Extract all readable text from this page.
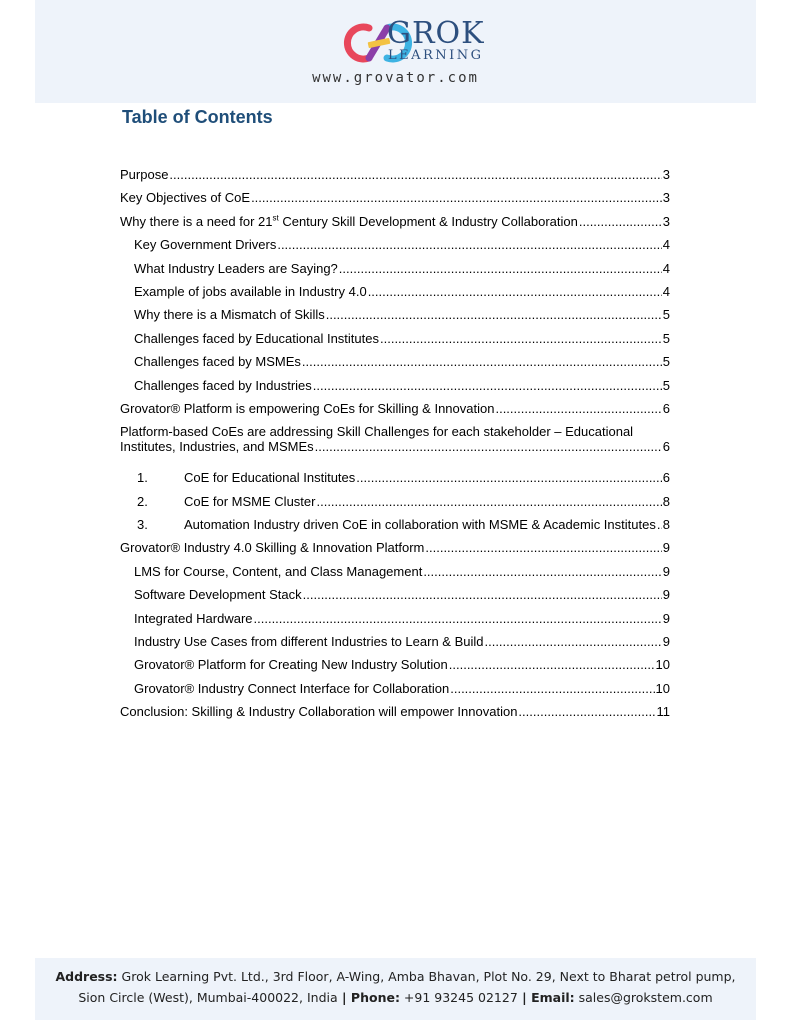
GROK
LEARNING
www.grovator.com
Table of Contents
Purpose .....	3
Key Objectives of CoE .....	3
Why there is a need for 21st Century Skill Development & Industry Collaboration .....	3
Key Government Drivers .....	4
What Industry Leaders are Saying? .....	4
Example of jobs available in Industry 4.0 .....	4
Why there is a Mismatch of Skills .....	5
Challenges faced by Educational Institutes .....	5
Challenges faced by MSMEs .....	5
Challenges faced by Industries .....	5
Grovator® Platform is empowering CoEs for Skilling & Innovation .....	6
Platform-based CoEs are addressing Skill Challenges for each stakeholder – Educational
Institutes, Industries, and MSMEs .....	6
1.	CoE for Educational Institutes .....	6
2.	CoE for MSME Cluster .....	8
3.	Automation Industry driven CoE in collaboration with MSME & Academic Institutes ..... 8
Grovator® Industry 4.0 Skilling & Innovation Platform .....	9
LMS for Course, Content, and Class Management .....	9
Software Development Stack .....	9
Integrated Hardware .....	9
Industry Use Cases from different Industries to Learn & Build .....	9
Grovator® Platform for Creating New Industry Solution .....	10
Grovator® Industry Connect Interface for Collaboration .....	10
Conclusion: Skilling & Industry Collaboration will empower Innovation .....	11

Address: Grok Learning Pvt. Ltd., 3rd Floor, A-Wing, Amba Bhavan, Plot No. 29, Next to Bharat petrol pump,

Sion Circle (West), Mumbai-400022, India | Phone: +91 93245 02127 | Email: sales@grokstem.com
